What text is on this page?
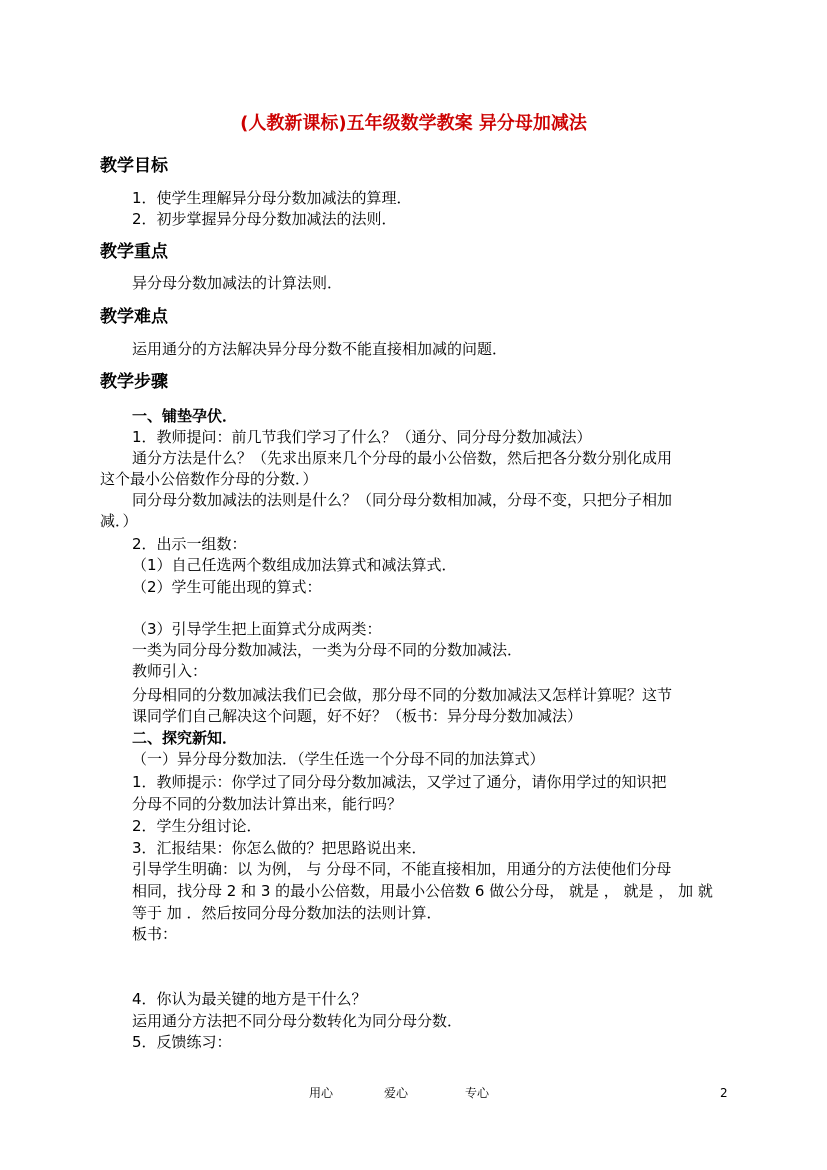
(人教新课标)五年级数学教案 异分母加减法
教学目标
1．使学生理解异分母分数加减法的算理．
2．初步掌握异分母分数加减法的法则．
教学重点
异分母分数加减法的计算法则．
教学难点
运用通分的方法解决异分母分数不能直接相加减的问题．
教学步骤
一、铺垫孕伏．
1．教师提问：前几节我们学习了什么？（通分、同分母分数加减法）
通分方法是什么？（先求出原来几个分母的最小公倍数，然后把各分数分别化成用
这个最小公倍数作分母的分数．）
同分母分数加减法的法则是什么？（同分母分数相加减，分母不变，只把分子相加
减．）
2．出示一组数：
（1）自己任选两个数组成加法算式和减法算式．
（2）学生可能出现的算式：
（3）引导学生把上面算式分成两类：
一类为同分母分数加减法，一类为分母不同的分数加减法．
教师引入：
分母相同的分数加减法我们已会做，那分母不同的分数加减法又怎样计算呢？这节
课同学们自己解决这个问题，好不好？（板书：异分母分数加减法）
二、探究新知．
（一）异分母分数加法．（学生任选一个分母不同的加法算式）
1．教师提示：你学过了同分母分数加减法，又学过了通分，请你用学过的知识把
分母不同的分数加法计算出来，能行吗？
2．学生分组讨论．
3．汇报结果：你怎么做的？把思路说出来．
引导学生明确：以 为例， 与 分母不同，不能直接相加，用通分的方法使他们分母
相同，找分母 2 和 3 的最小公倍数，用最小公倍数 6 做公分母， 就是 ， 就是 ， 加 就
等于 加 ．然后按同分母分数加法的法则计算．
板书：
4．你认为最关键的地方是干什么？
运用通分方法把不同分母分数转化为同分母分数．
5．反馈练习：
用心	爱心	专心	2
